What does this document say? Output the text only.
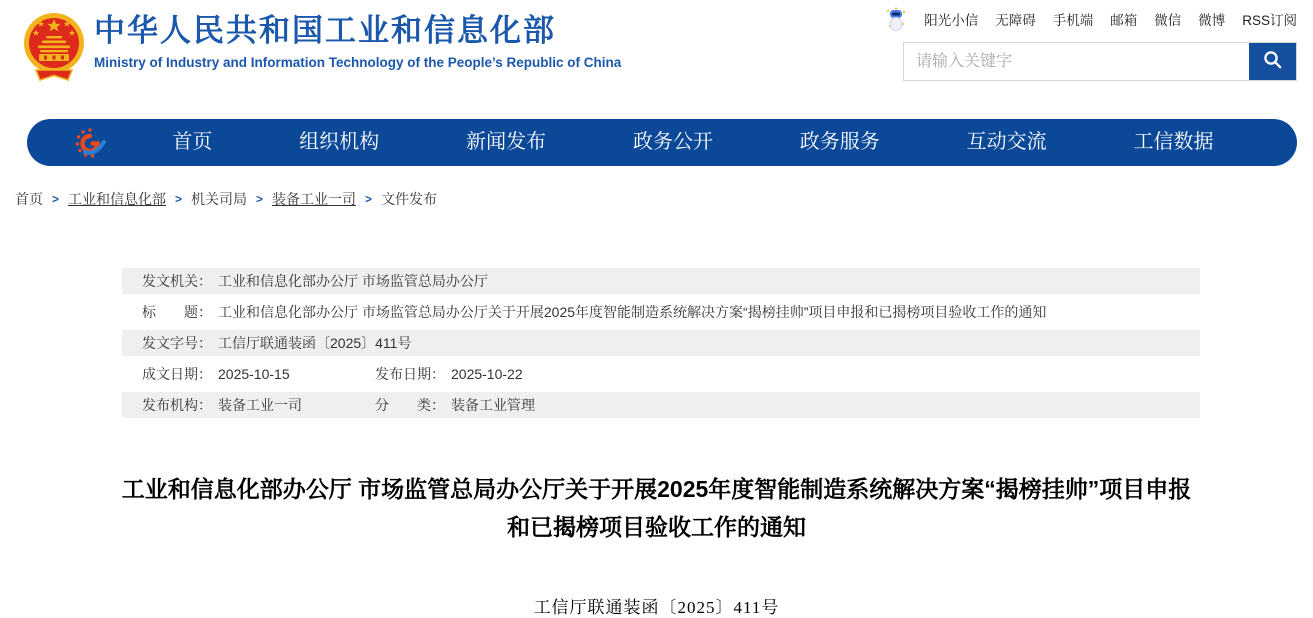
中华人民共和国工业和信息化部
Ministry of Industry and Information Technology of the People’s Republic of China
阳光小信 无障碍 手机端 邮箱 微信 微博 RSS订阅
请输入关键字
首页	组织机构	新闻发布	政务公开	政务服务	互动交流	工信数据
首页 > 工业和信息化部 > 机关司局 > 装备工业一司 > 文件发布
发文机关： 工业和信息化部办公厅 市场监管总局办公厅
标　　题： 工业和信息化部办公厅 市场监管总局办公厅关于开展2025年度智能制造系统解决方案“揭榜挂帅”项目申报和已揭榜项目验收工作的通知
发文字号： 工信厅联通装函〔2025〕411号
成文日期： 2025-10-15	发布日期： 2025-10-22
发布机构： 装备工业一司	分　　类： 装备工业管理
工业和信息化部办公厅 市场监管总局办公厅关于开展2025年度智能制造系统解决方案“揭榜挂帅”项目申报和已揭榜项目验收工作的通知
工信厅联通装函〔2025〕411号
